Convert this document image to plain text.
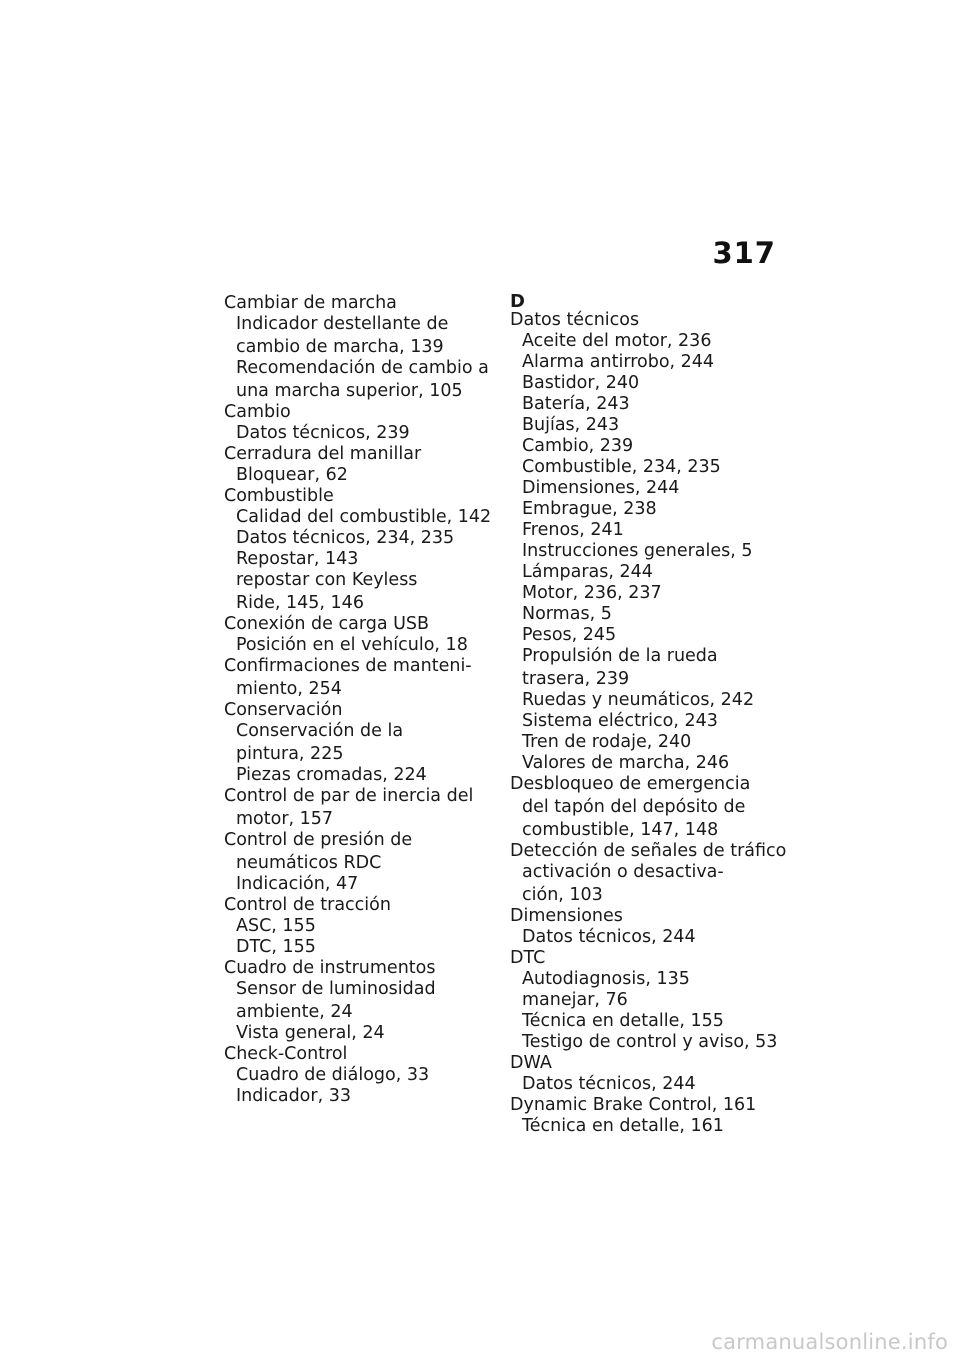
317
Cambiar de marcha
Indicador destellante de
cambio de marcha, 139
Recomendación de cambio a
una marcha superior, 105
Cambio
Datos técnicos, 239
Cerradura del manillar
Bloquear, 62
Combustible
Calidad del combustible, 142
Datos técnicos, 234, 235
Repostar, 143
repostar con Keyless
Ride, 145, 146
Conexión de carga USB
Posición en el vehículo, 18
Confirmaciones de manteni-
miento, 254
Conservación
Conservación de la
pintura, 225
Piezas cromadas, 224
Control de par de inercia del
motor, 157
Control de presión de
neumáticos RDC
Indicación, 47
Control de tracción
ASC, 155
DTC, 155
Cuadro de instrumentos
Sensor de luminosidad
ambiente, 24
Vista general, 24
Check-Control
Cuadro de diálogo, 33
Indicador, 33
D
Datos técnicos
Aceite del motor, 236
Alarma antirrobo, 244
Bastidor, 240
Batería, 243
Bujías, 243
Cambio, 239
Combustible, 234, 235
Dimensiones, 244
Embrague, 238
Frenos, 241
Instrucciones generales, 5
Lámparas, 244
Motor, 236, 237
Normas, 5
Pesos, 245
Propulsión de la rueda
trasera, 239
Ruedas y neumáticos, 242
Sistema eléctrico, 243
Tren de rodaje, 240
Valores de marcha, 246
Desbloqueo de emergencia
del tapón del depósito de
combustible, 147, 148
Detección de señales de tráfico
activación o desactiva-
ción, 103
Dimensiones
Datos técnicos, 244
DTC
Autodiagnosis, 135
manejar, 76
Técnica en detalle, 155
Testigo de control y aviso, 53
DWA
Datos técnicos, 244
Dynamic Brake Control, 161
Técnica en detalle, 161
carmanualsonline.info
